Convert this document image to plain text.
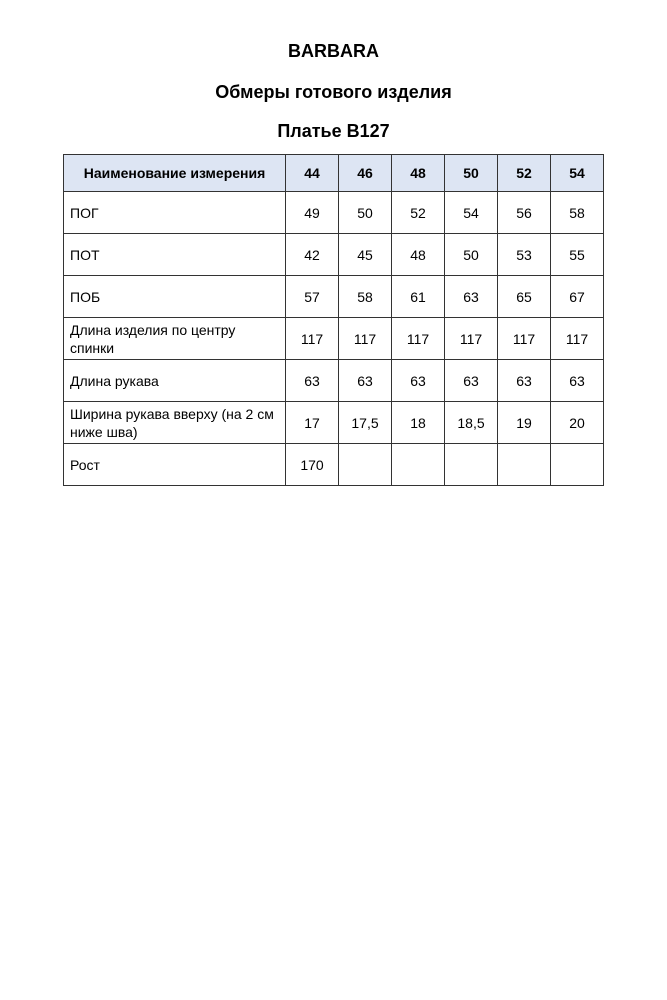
BARBARA
Обмеры готового изделия
Платье B127
Наименование измерения	44	46	48	50	52	54
ПОГ	49	50	52	54	56	58
ПОТ	42	45	48	50	53	55
ПОБ	57	58	61	63	65	67
Длина изделия по центру спинки	117	117	117	117	117	117
Длина рукава	63	63	63	63	63	63
Ширина рукава вверху (на 2 см ниже шва)	17	17,5	18	18,5	19	20
Рост	170					
